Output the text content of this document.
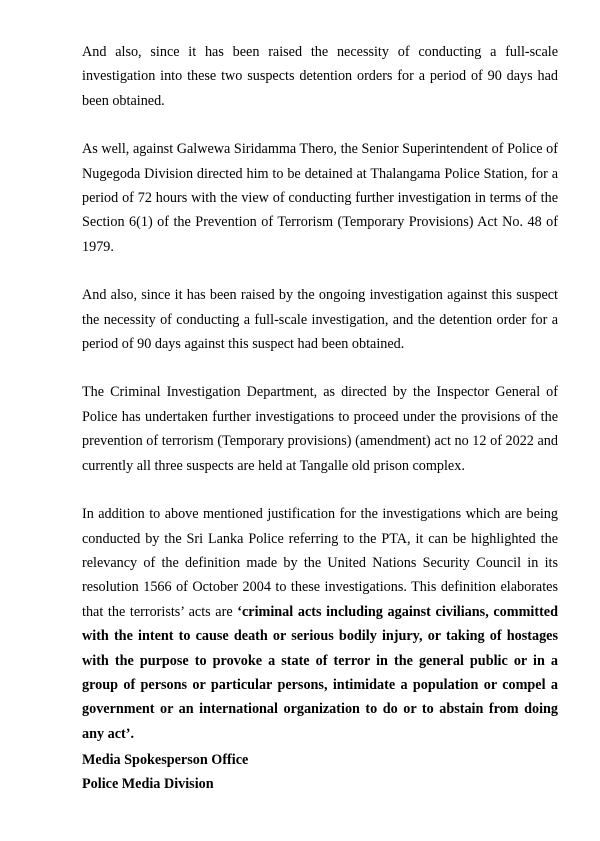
And also, since it has been raised the necessity of conducting a full-scale investigation into these two suspects detention orders for a period of 90 days had been obtained.

As well, against Galwewa Siridamma Thero, the Senior Superintendent of Police of Nugegoda Division directed him to be detained at Thalangama Police Station, for a period of 72 hours with the view of conducting further investigation in terms of the Section 6(1) of the Prevention of Terrorism (Temporary Provisions) Act No. 48 of 1979.

And also, since it has been raised by the ongoing investigation against this suspect the necessity of conducting a full-scale investigation, and the detention order for a period of 90 days against this suspect had been obtained.

The Criminal Investigation Department, as directed by the Inspector General of Police has undertaken further investigations to proceed under the provisions of the prevention of terrorism (Temporary provisions) (amendment) act no 12 of 2022 and currently all three suspects are held at Tangalle old prison complex.

In addition to above mentioned justification for the investigations which are being conducted by the Sri Lanka Police referring to the PTA, it can be highlighted the relevancy of the definition made by the United Nations Security Council in its resolution 1566 of October 2004 to these investigations. This definition elaborates that the terrorists’ acts are ‘criminal acts including against civilians, committed with the intent to cause death or serious bodily injury, or taking of hostages with the purpose to provoke a state of terror in the general public or in a group of persons or particular persons, intimidate a population or compel a government or an international organization to do or to abstain from doing any act’.

Media Spokesperson Office
Police Media Division
